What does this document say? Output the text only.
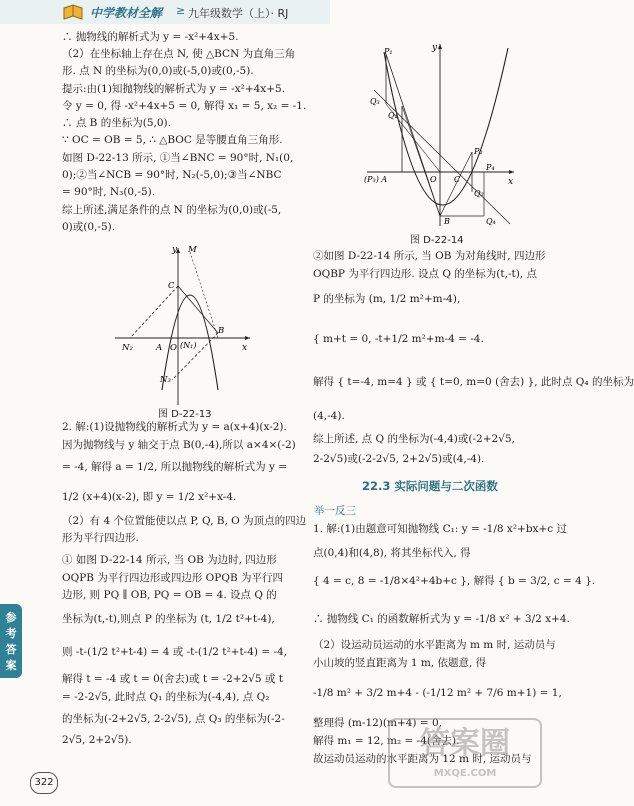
中学教材全解 ≥ 九年级数学（上）· RJ
∴ 抛物线的解析式为 y = -x²+4x+5.
（2）在坐标轴上存在点 N, 使 △BCN 为直角三角
形. 点 N 的坐标为(0,0)或(-5,0)或(0,-5).
提示:由(1)知抛物线的解析式为 y = -x²+4x+5.
令 y = 0, 得 -x²+4x+5 = 0, 解得 x₁ = 5, x₂ = -1.
∴ 点 B 的坐标为(5,0).
∵ OC = OB = 5, ∴ △BOC 是等腰直角三角形.
如图 D-22-13 所示, ①当∠BNC = 90°时, N₁(0,
0);②当∠NCB = 90°时, N₂(-5,0);③当∠NBC
= 90°时, N₃(0,-5).
综上所述,满足条件的点 N 的坐标为(0,0)或(-5,
0)或(0,-5).
y
x
M
C
N₂	A O (N₁)
B
N₃
图 D-22-13
2. 解:(1)设抛物线的解析式为 y = a(x+4)(x-2).
因为抛物线与 y 轴交于点 B(0,-4),所以 a×4×(-2)
= -4, 解得 a = 1/2, 所以抛物线的解析式为 y =
1/2 (x+4)(x-2), 即 y = 1/2 x²+x-4.
（2）有 4 个位置能使以点 P, Q, B, O 为顶点的四边
形为平行四边形.
① 如图 D-22-14 所示, 当 OB 为边时, 四边形
OQPB 为平行四边形或四边形 OPQB 为平行四
边形, 则 PQ ∥ OB, PQ = OB = 4. 设点 Q 的
坐标为(t,-t),则点 P 的坐标为 (t, 1/2 t²+t-4),
则 -t-(1/2 t²+t-4) = 4 或 -t-(1/2 t²+t-4) = -4,
解得 t = -4 或 t = 0(舍去)或 t = -2+2√5 或 t
= -2-2√5, 此时点 Q₁ 的坐标为(-4,4), 点 Q₂
的坐标为(-2+2√5, 2-2√5), 点 Q₃ 的坐标为(-2-
2√5, 2+2√5).
参考答案
322
y
x
P₁
Q₃
Q₁
(P₃) A	O C
P₂
Q₂
B	Q₄
P₄
图 D-22-14
②如图 D-22-14 所示, 当 OB 为对角线时, 四边形
OQBP 为平行四边形. 设点 Q 的坐标为(t,-t), 点
P 的坐标为 (m, 1/2 m²+m-4),
{ m+t = 0, -t+1/2 m²+m-4 = -4.
解得 { t=-4, m=4 } 或 { t=0, m=0 (舍去) }, 此时点 Q₄ 的坐标为
(4,-4).
综上所述, 点 Q 的坐标为(-4,4)或(-2+2√5,
2-2√5)或(-2-2√5, 2+2√5)或(4,-4).
22.3 实际问题与二次函数
举一反三
1. 解:(1)由题意可知抛物线 C₁: y = -1/8 x²+bx+c 过
点(0,4)和(4,8), 将其坐标代入, 得
{ 4 = c, 8 = -1/8×4²+4b+c }, 解得 { b = 3/2, c = 4 }.
∴ 抛物线 C₁ 的函数解析式为 y = -1/8 x² + 3/2 x+4.
（2）设运动员运动的水平距离为 m m 时, 运动员与
小山坡的竖直距离为 1 m, 依题意, 得
-1/8 m² + 3/2 m+4 - (-1/12 m² + 7/6 m+1) = 1,
整理得 (m-12)(m+4) = 0,
解得 m₁ = 12, m₂ = -4(舍去).
故运动员运动的水平距离为 12 m 时, 运动员与
答案圈
MXQE.COM
